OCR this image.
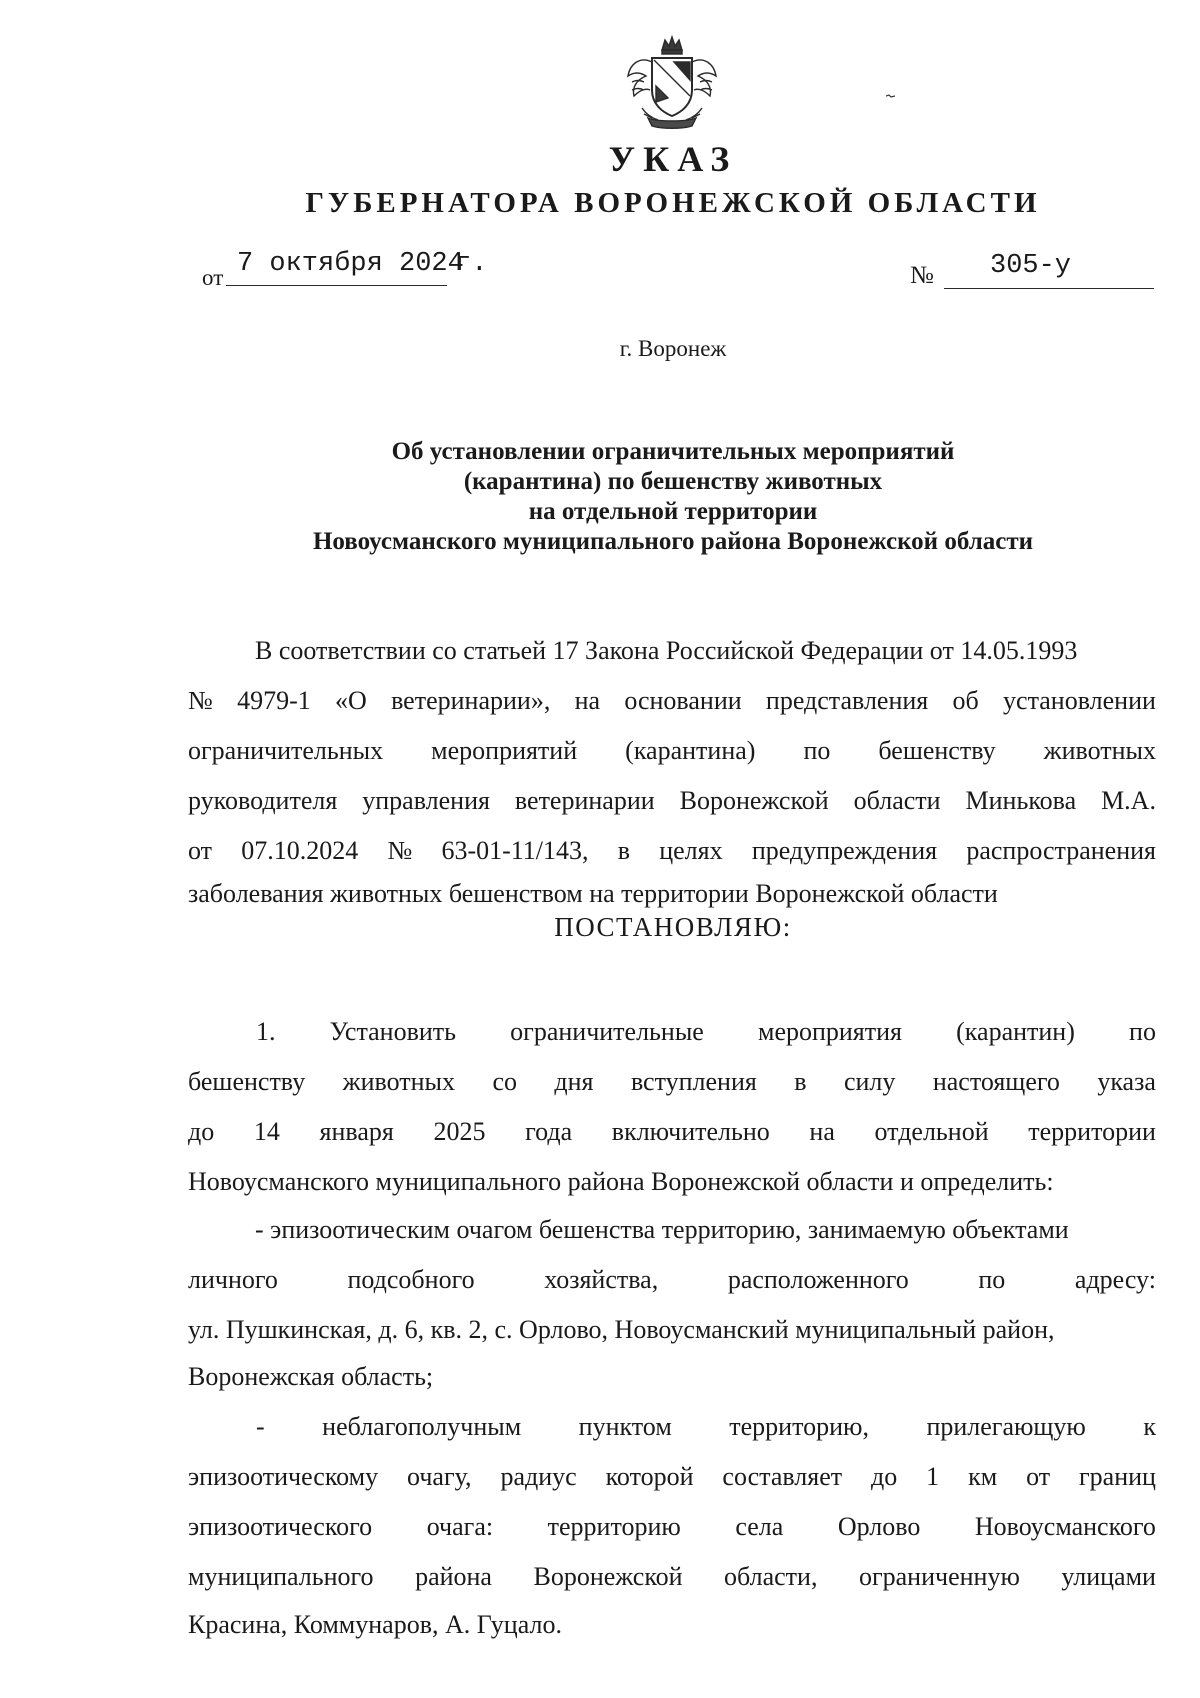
УКАЗ
ГУБЕРНАТОРА ВОРОНЕЖСКОЙ ОБЛАСТИ
от 7 октября 2024
г.	№ 305-у
г. Воронеж
Об установлении ограничительных мероприятий
(карантина) по бешенству животных
на отдельной территории
Новоусманского муниципального района Воронежской области
В соответствии со статьей 17 Закона Российской Федерации от 14.05.1993
№ 4979-1 «О ветеринарии», на основании представления об установлении
ограничительных мероприятий (карантина) по бешенству животных
руководителя управления ветеринарии Воронежской области Минькова М.А.
от 07.10.2024 № 63-01-11/143, в целях предупреждения распространения
заболевания животных бешенством на территории Воронежской области
ПОСТАНОВЛЯЮ:
1. Установить ограничительные мероприятия (карантин) по
бешенству животных со дня вступления в силу настоящего указа
до 14 января 2025 года включительно на отдельной территории
Новоусманского муниципального района Воронежской области и определить:
- эпизоотическим очагом бешенства территорию, занимаемую объектами
личного	подсобного	хозяйства,	расположенного	по	адресу:
ул. Пушкинская, д. 6, кв. 2, с. Орлово, Новоусманский муниципальный район,
Воронежская область;
- неблагополучным пунктом территорию, прилегающую к
эпизоотическому очагу, радиус которой составляет до 1 км от границ
эпизоотического очага: территорию села Орлово Новоусманского
муниципального района Воронежской области, ограниченную улицами
Красина, Коммунаров, А. Гуцало.
